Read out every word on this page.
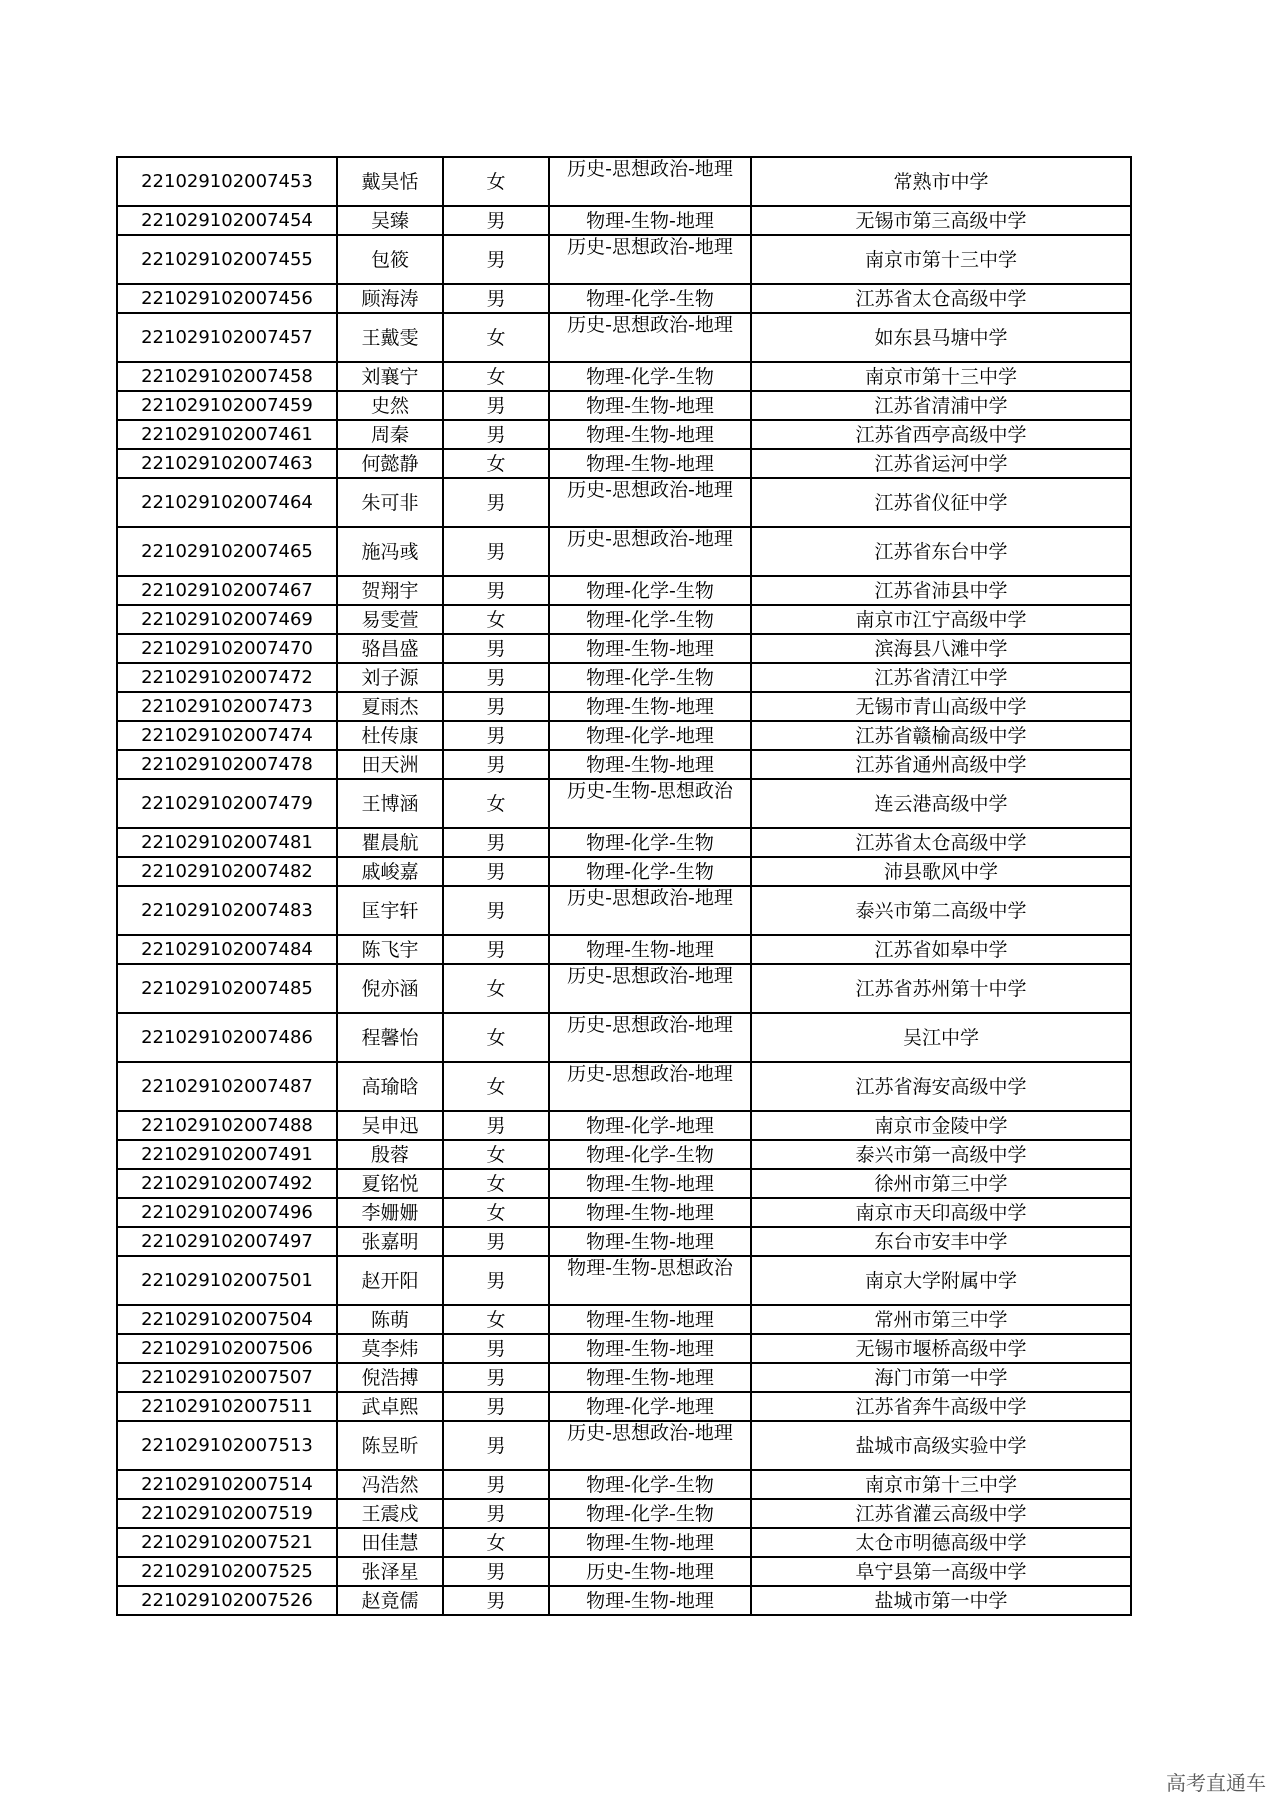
221029102007453	戴昊恬	女	历史-思想政治-地理	常熟市中学
221029102007454	吴臻	男	物理-生物-地理	无锡市第三高级中学
221029102007455	包筱	男	历史-思想政治-地理	南京市第十三中学
221029102007456	顾海涛	男	物理-化学-生物	江苏省太仓高级中学
221029102007457	王戴雯	女	历史-思想政治-地理	如东县马塘中学
221029102007458	刘襄宁	女	物理-化学-生物	南京市第十三中学
221029102007459	史然	男	物理-生物-地理	江苏省清浦中学
221029102007461	周秦	男	物理-生物-地理	江苏省西亭高级中学
221029102007463	何懿静	女	物理-生物-地理	江苏省运河中学
221029102007464	朱可非	男	历史-思想政治-地理	江苏省仪征中学
221029102007465	施冯彧	男	历史-思想政治-地理	江苏省东台中学
221029102007467	贺翔宇	男	物理-化学-生物	江苏省沛县中学
221029102007469	易雯萱	女	物理-化学-生物	南京市江宁高级中学
221029102007470	骆昌盛	男	物理-生物-地理	滨海县八滩中学
221029102007472	刘子源	男	物理-化学-生物	江苏省清江中学
221029102007473	夏雨杰	男	物理-生物-地理	无锡市青山高级中学
221029102007474	杜传康	男	物理-化学-地理	江苏省赣榆高级中学
221029102007478	田天洲	男	物理-生物-地理	江苏省通州高级中学
221029102007479	王博涵	女	历史-生物-思想政治	连云港高级中学
221029102007481	瞿晨航	男	物理-化学-生物	江苏省太仓高级中学
221029102007482	戚峻嘉	男	物理-化学-生物	沛县歌风中学
221029102007483	匡宇轩	男	历史-思想政治-地理	泰兴市第二高级中学
221029102007484	陈飞宇	男	物理-生物-地理	江苏省如皋中学
221029102007485	倪亦涵	女	历史-思想政治-地理	江苏省苏州第十中学
221029102007486	程馨怡	女	历史-思想政治-地理	吴江中学
221029102007487	高瑜晗	女	历史-思想政治-地理	江苏省海安高级中学
221029102007488	吴申迅	男	物理-化学-地理	南京市金陵中学
221029102007491	殷蓉	女	物理-化学-生物	泰兴市第一高级中学
221029102007492	夏铭悦	女	物理-生物-地理	徐州市第三中学
221029102007496	李姗姗	女	物理-生物-地理	南京市天印高级中学
221029102007497	张嘉明	男	物理-生物-地理	东台市安丰中学
221029102007501	赵开阳	男	物理-生物-思想政治	南京大学附属中学
221029102007504	陈萌	女	物理-生物-地理	常州市第三中学
221029102007506	莫李炜	男	物理-生物-地理	无锡市堰桥高级中学
221029102007507	倪浩搏	男	物理-生物-地理	海门市第一中学
221029102007511	武卓熙	男	物理-化学-地理	江苏省奔牛高级中学
221029102007513	陈昱昕	男	历史-思想政治-地理	盐城市高级实验中学
221029102007514	冯浩然	男	物理-化学-生物	南京市第十三中学
221029102007519	王震戍	男	物理-化学-生物	江苏省灌云高级中学
221029102007521	田佳慧	女	物理-生物-地理	太仓市明德高级中学
221029102007525	张泽星	男	历史-生物-地理	阜宁县第一高级中学
221029102007526	赵竟儒	男	物理-生物-地理	盐城市第一中学
高考直通车
